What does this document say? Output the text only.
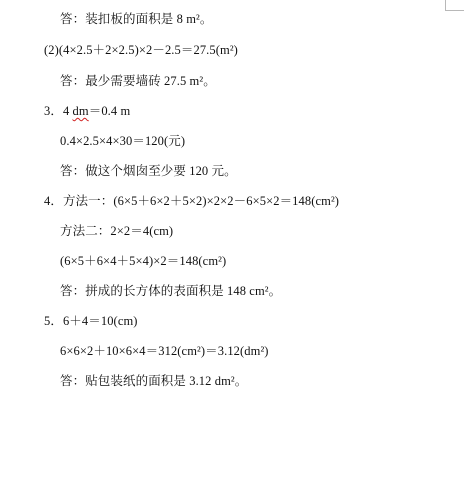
答：装扣板的面积是 8 m²。
(2)(4×2.5＋2×2.5)×2－2.5＝27.5(m²)
答：最少需要墙砖 27.5 m²。
3．4 dm＝0.4 m
0.4×2.5×4×30＝120(元)
答：做这个烟囱至少要 120 元。
4．方法一：(6×5＋6×2＋5×2)×2×2－6×5×2＝148(cm²)
方法二：2×2＝4(cm)
(6×5＋6×4＋5×4)×2＝148(cm²)
答：拼成的长方体的表面积是 148 cm²。
5．6＋4＝10(cm)
6×6×2＋10×6×4＝312(cm²)＝3.12(dm²)
答：贴包装纸的面积是 3.12 dm²。
